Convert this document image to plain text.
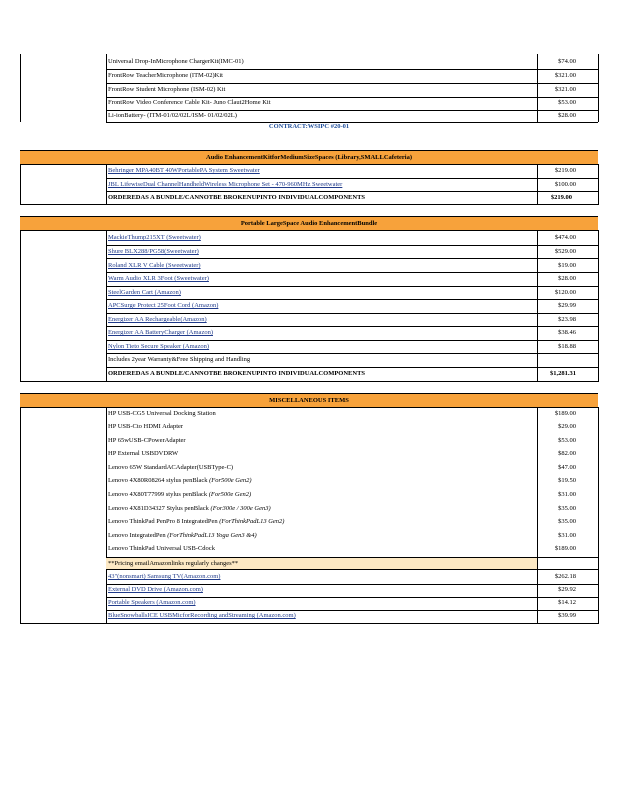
Universal Drop-InMicrophone ChargerKit(IMC-01)	$74.00
FrontRow TeacherMicrophone (ITM-02)Kit	$321.00
FrontRow Student Microphone (ISM-02) Kit	$321.00
FrontRow Video Conference Cable Kit- Juno Claut2Home Kit	$53.00
Li-ionBattery- (ITM-01/02/02L/ISM- 01/02/02L)	$28.00
CONTRACT:WSIPC #20-01
Audio EnhancementKitforMediumSizeSpaces (Library,SMALLCafeteria)
Behringer MPA40BT 40WPortablePA System Sweetwater	$219.00
JBL LifewiseDual ChannelHandheldWireless Microphone Set - 470-960MHz Sweetwater	$100.00
ORDEREDAS A BUNDLE/CANNOTBE BROKENUPINTO INDIVIDUALCOMPONENTS	$219.00
Portable LargeSpace Audio EnhancementBundle
MackieThump215XT (Sweetwater)	$474.00
Shure BLX288/PG58(Sweetwater)	$529.00
Roland XLR V Cable (Sweetwater)	$19.00
Warm Audio XLR 3Foot (Sweetwater)	$28.00
SteelGarden Cart (Amazon)	$120.00
APCSurge Protect 25Foot Cord (Amazon)	$29.99
Energizer AA Rechargeable(Amazon)	$23.98
Energizer AA BatteryCharger (Amazon)	$38.46
Nylon Tieto Secure Speaker (Amazon)	$18.88
Includes 2year Warranty&Free Shipping and Handling
ORDEREDAS A BUNDLE/CANNOTBE BROKENUPINTO INDIVIDUALCOMPONENTS	$1,281.31
MISCELLANEOUS ITEMS
HP USB-CG5 Universal Docking Station	$189.00
HP USB-Cto HDMI Adapter	$29.00
HP 65wUSB-CPowerAdapter	$53.00
HP External USBDVDRW	$82.00
Lenovo 65W StandardACAdapter(USBType-C)	$47.00
Lenovo 4X80R08264 stylus penBlack (For500e Gen2)	$19.50
Lenovo 4X80T77999 stylus penBlack (For500e Gen2)	$31.00
Lenovo 4X81D34327 Stylus penBlack (For300e / 300e Gen3)	$35.00
Lenovo ThinkPad PenPro 8 IntegratedPen (ForThinkPadL13 Gen2)	$35.00
Lenovo IntegratedPen (ForThinkPadL13 Yoga Gen3 &4)	$31.00
Lenovo ThinkPad Universal USB-Cdock	$189.00
**Pricing emailAmazonlinks regularly changes**
43"(nonsmart) Samsung TV(Amazon.com)	$262.18
External DVD Drive (Amazon.com)	$29.92
Portable Speakers (Amazon.com)	$14.12
BlueSnowballsICE USBMicforRecording andStreaming (Amazon.com)	$39.99
